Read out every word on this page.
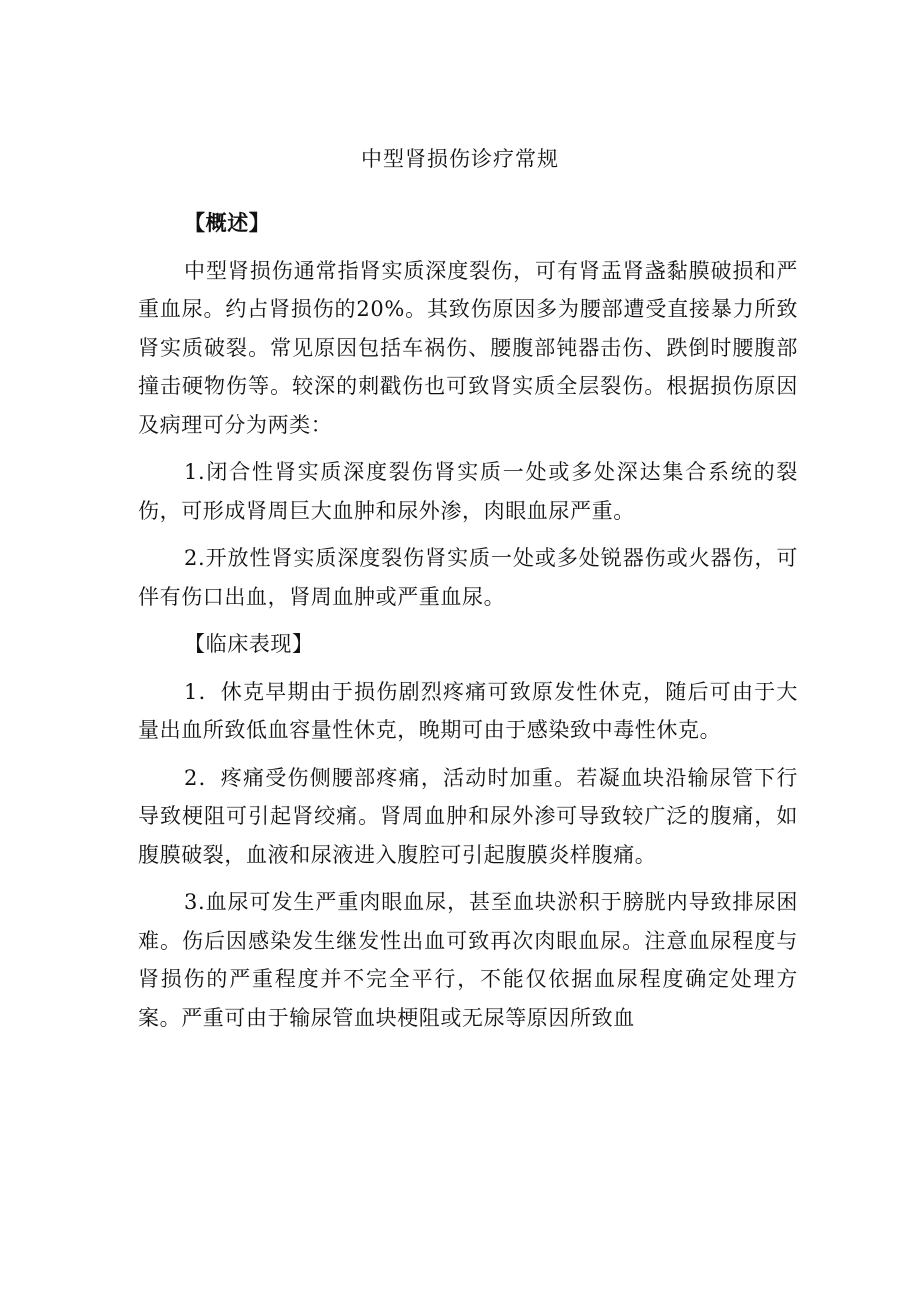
中型肾损伤诊疗常规
【概述】

中型肾损伤通常指肾实质深度裂伤，可有肾盂肾盏黏膜破损和严重血尿。约占肾损伤的20%。其致伤原因多为腰部遭受直接暴力所致肾实质破裂。常见原因包括车祸伤、腰腹部钝器击伤、跌倒时腰腹部撞击硬物伤等。较深的刺戳伤也可致肾实质全层裂伤。根据损伤原因及病理可分为两类：

1.闭合性肾实质深度裂伤肾实质一处或多处深达集合系统的裂伤，可形成肾周巨大血肿和尿外渗，肉眼血尿严重。

2.开放性肾实质深度裂伤肾实质一处或多处锐器伤或火器伤，可伴有伤口出血，肾周血肿或严重血尿。

【临床表现】

1．休克早期由于损伤剧烈疼痛可致原发性休克，随后可由于大量出血所致低血容量性休克，晚期可由于感染致中毒性休克。

2．疼痛受伤侧腰部疼痛，活动时加重。若凝血块沿输尿管下行导致梗阻可引起肾绞痛。肾周血肿和尿外渗可导致较广泛的腹痛，如腹膜破裂，血液和尿液进入腹腔可引起腹膜炎样腹痛。

3.血尿可发生严重肉眼血尿，甚至血块淤积于膀胱内导致排尿困难。伤后因感染发生继发性出血可致再次肉眼血尿。注意血尿程度与肾损伤的严重程度并不完全平行，不能仅依据血尿程度确定处理方案。严重可由于输尿管血块梗阻或无尿等原因所致血
